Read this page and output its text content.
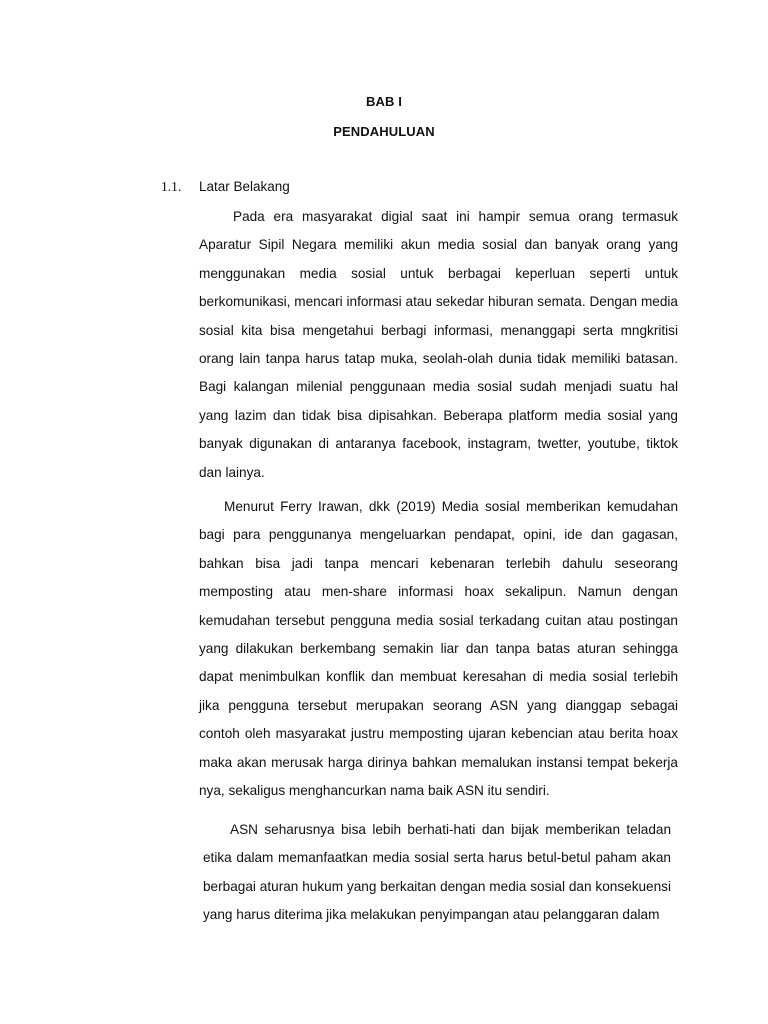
BAB I
PENDAHULUAN
1.1. Latar Belakang

Pada era masyarakat digial saat ini hampir semua orang termasuk Aparatur Sipil Negara memiliki akun media sosial dan banyak orang yang menggunakan media sosial untuk berbagai keperluan seperti untuk berkomunikasi, mencari informasi atau sekedar hiburan semata. Dengan media sosial kita bisa mengetahui berbagi informasi, menanggapi serta mngkritisi orang lain tanpa harus tatap muka, seolah-olah dunia tidak memiliki batasan. Bagi kalangan milenial penggunaan media sosial sudah menjadi suatu hal yang lazim dan tidak bisa dipisahkan. Beberapa platform media sosial yang banyak digunakan di antaranya facebook, instagram, twetter, youtube, tiktok dan lainya.

Menurut Ferry Irawan, dkk (2019) Media sosial memberikan kemudahan bagi para penggunanya mengeluarkan pendapat, opini, ide dan gagasan, bahkan bisa jadi tanpa mencari kebenaran terlebih dahulu seseorang memposting atau men-share informasi hoax sekalipun. Namun dengan kemudahan tersebut pengguna media sosial terkadang cuitan atau postingan yang dilakukan berkembang semakin liar dan tanpa batas aturan sehingga dapat menimbulkan konflik dan membuat keresahan di media sosial terlebih jika pengguna tersebut merupakan seorang ASN yang dianggap sebagai contoh oleh masyarakat justru memposting ujaran kebencian atau berita hoax maka akan merusak harga dirinya bahkan memalukan instansi tempat bekerja nya, sekaligus menghancurkan nama baik ASN itu sendiri.

ASN seharusnya bisa lebih berhati-hati dan bijak memberikan teladan etika dalam memanfaatkan media sosial serta harus betul-betul paham akan berbagai aturan hukum yang berkaitan dengan media sosial dan konsekuensi yang harus diterima jika melakukan penyimpangan atau pelanggaran dalam
